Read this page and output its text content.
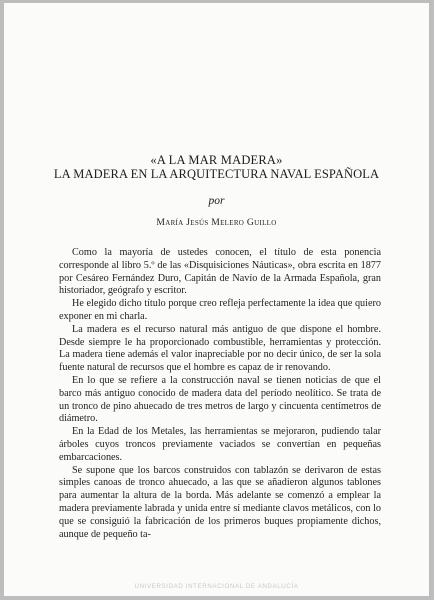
«A LA MAR MADERA»
LA MADERA EN LA ARQUITECTURA NAVAL ESPAÑOLA
por
María Jesús Melero Guillo

Como la mayoría de ustedes conocen, el título de esta ponencia corresponde al libro 5.º de las «Disquisiciones Náuticas», obra escrita en 1877 por Cesáreo Fernández Duro, Capitán de Navío de la Armada Española, gran historiador, geógrafo y escritor.

He elegido dicho título porque creo refleja perfectamente la idea que quiero exponer en mi charla.

La madera es el recurso natural más antiguo de que dispone el hombre. Desde siempre le ha proporcionado combustible, herramientas y protección. La madera tiene además el valor inapreciable por no decir único, de ser la sola fuente natural de recursos que el hombre es capaz de ir renovando.

En lo que se refiere a la construcción naval se tienen noticias de que el barco más antiguo conocido de madera data del período neolítico. Se trata de un tronco de pino ahuecado de tres metros de largo y cincuenta centímetros de diámetro.

En la Edad de los Metales, las herramientas se mejoraron, pudiendo talar árboles cuyos troncos previamente vaciados se convertían en pequeñas embarcaciones.

Se supone que los barcos construidos con tablazón se derivaron de estas simples canoas de tronco ahuecado, a las que se añadieron algunos tablones para aumentar la altura de la borda. Más adelante se comenzó a emplear la madera previamente labrada y unida entre sí mediante clavos metálicos, con lo que se consiguió la fabricación de los primeros buques propiamente dichos, aunque de pequeño ta-

UNIVERSIDAD INTERNACIONAL DE ANDALUCÍA
